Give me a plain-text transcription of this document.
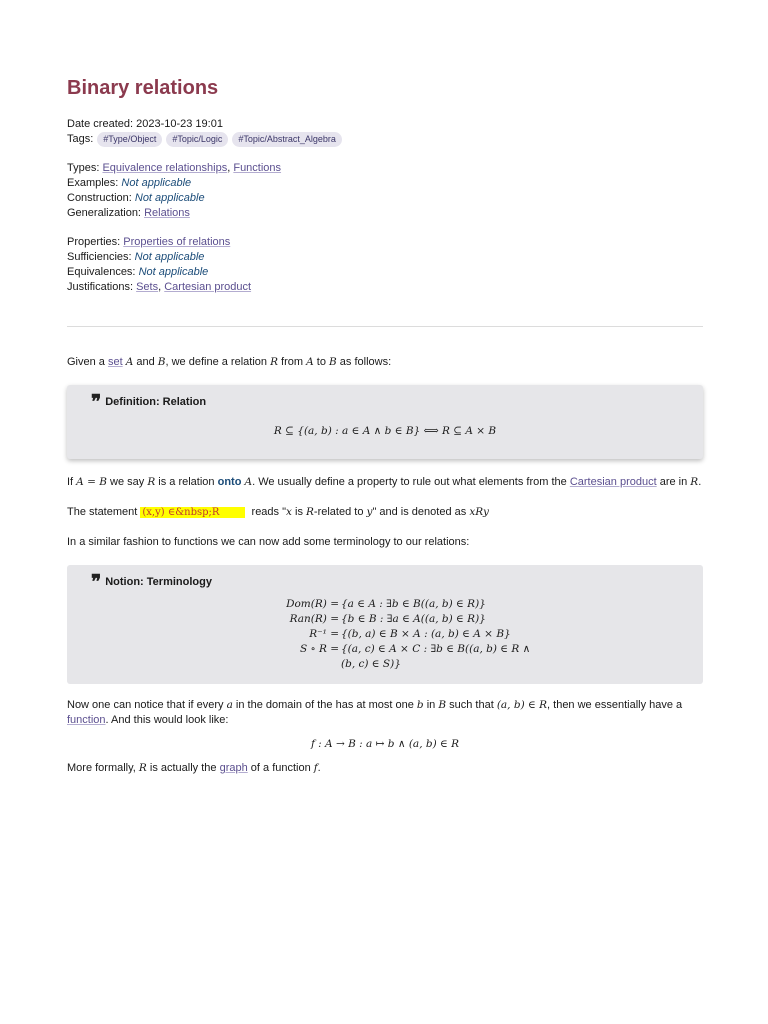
Binary relations
Date created: 2023-10-23 19:01
Tags:	#Type/Object	#Topic/Logic	#Topic/Abstract_Algebra
Types: Equivalence relationships, Functions
Examples: Not applicable
Construction: Not applicable
Generalization: Relations
Properties: Properties of relations
Sufficiencies: Not applicable
Equivalences: Not applicable
Justifications: Sets, Cartesian product

Given a set A and B, we define a relation R from A to B as follows:

❞ Definition: Relation
R ⊆ {(a, b) : a ∈ A ∧ b ∈ B} ⟺ R ⊆ A × B

If A = B we say R is a relation onto A. We usually define a property to rule out what elements from the Cartesian product are in R.

The statement (x,y) ∈&nbsp;R	reads "x is R-related to y" and is denoted as xRy

In a similar fashion to functions we can now add some terminology to our relations:

❞ Notion: Terminology
Dom(R) = {a ∈ A : ∃b ∈ B((a, b) ∈ R)}
Ran(R) = {b ∈ B : ∃a ∈ A((a, b) ∈ R)}
R⁻¹ = {(b, a) ∈ B × A : (a, b) ∈ A × B}
S ∘ R = {(a, c) ∈ A × C : ∃b ∈ B((a, b) ∈ R ∧ (b, c) ∈ S)}

Now one can notice that if every a in the domain of the has at most one b in B such that (a, b) ∈ R, then we essentially have a
function. And this would look like:

f : A → B : a ↦ b ∧ (a, b) ∈ R

More formally, R is actually the graph of a function f.
